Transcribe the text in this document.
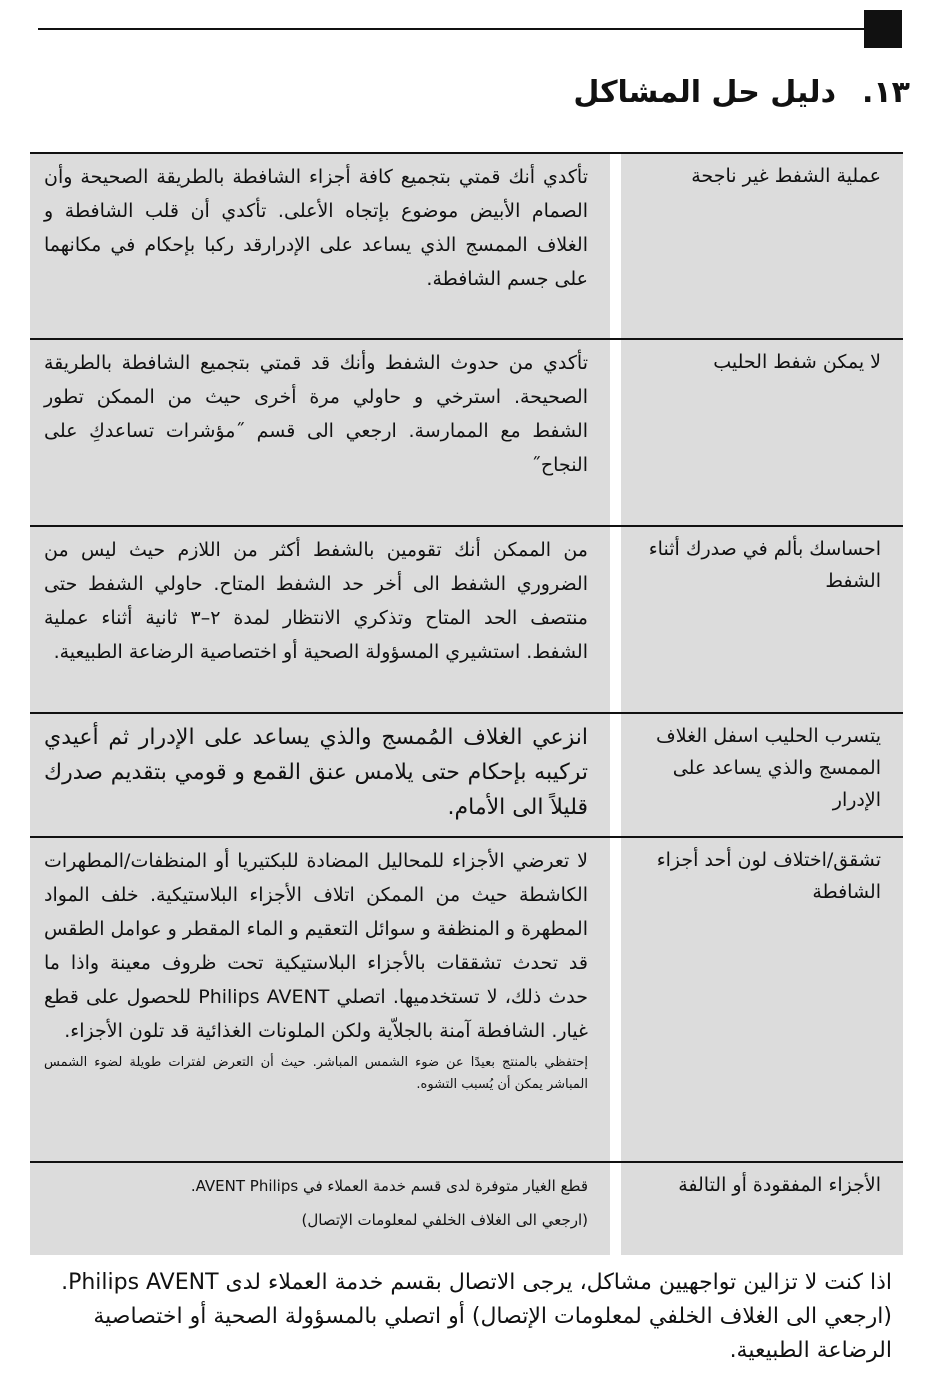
١٣.دليل حل المشاكل
عملية الشفط غير ناجحة
تأكدي أنك قمتي بتجميع كافة أجزاء الشافطة بالطريقة الصحيحة وأن الصمام الأبيض موضوع بإتجاه الأعلى. تأكدي أن قلب الشافطة و الغلاف الممسج الذي يساعد على الإدرارقد ركبا بإحكام في مكانهما على جسم الشافطة.
لا يمكن شفط الحليب
تأكدي من حدوث الشفط وأنك قد قمتي بتجميع الشافطة بالطريقة الصحيحة. استرخي و حاولي مرة أخرى حيث من الممكن تطور الشفط مع الممارسة. ارجعي الى قسم ˝مؤشرات تساعدكِ على النجاح˝
احساسك بألم في صدرك أثناء الشفط
من الممكن أنك تقومين بالشفط أكثر من اللازم حيث ليس من الضروري الشفط الى أخر حد الشفط المتاح. حاولي الشفط حتى منتصف الحد المتاح وتذكري الانتظار لمدة ٢–٣ ثانية أثناء عملية الشفط. استشيري المسؤولة الصحية أو اختصاصية الرضاعة الطبيعية.
يتسرب الحليب اسفل الغلاف الممسج والذي يساعد على الإدرار
انزعي الغلاف المُمسج والذي يساعد على الإدرار ثم أعيدي تركيبه بإحكام حتى يلامس عنق القمع و قومي بتقديم صدرك قليلاً الى الأمام.
تشقق/اختلاف لون أحد أجزاء الشافطة
لا تعرضي الأجزاء للمحاليل المضادة للبكتيريا أو المنظفات/المطهرات الكاشطة حيث من الممكن اتلاف الأجزاء البلاستيكية. خلف المواد المطهرة و المنظفة و سوائل التعقيم و الماء المقطر و عوامل الطقس قد تحدث تشققات بالأجزاء البلاستيكية تحت ظروف معينة واذا ما حدث ذلك، لا تستخدميها. اتصلي Philips AVENT للحصول على قطع غيار. الشافطة آمنة بالجلاّية ولكن الملونات الغذائية قد تلون الأجزاء.
إحتفظي بالمنتج بعيدًا عن ضوء الشمس المباشر. حيث أن التعرض لفترات طويلة لضوء الشمس المباشر يمكن أن يُسبب التشوه.
الأجزاء المفقودة أو التالفة
قطع الغيار متوفرة لدى قسم خدمة العملاء في AVENT Philips.
(ارجعي الى الغلاف الخلفي لمعلومات الإتصال)
اذا كنت لا تزالين تواجهيين مشاكل، يرجى الاتصال بقسم خدمة العملاء لدى Philips AVENT. (ارجعي الى الغلاف الخلفي لمعلومات الإتصال) أو اتصلي بالمسؤولة الصحية أو اختصاصية الرضاعة الطبيعية.
